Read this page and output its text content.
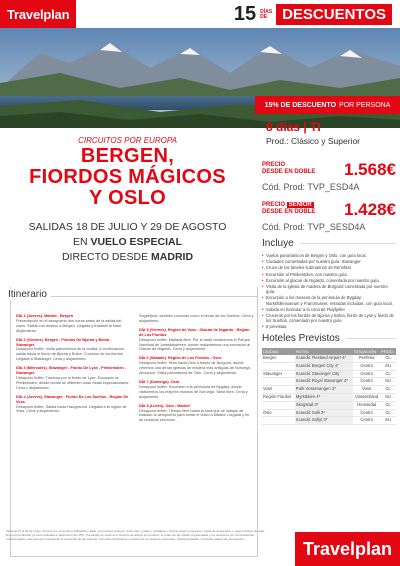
Travelplan	15 DÍAS DE	DESCUENTOS
15% DE DESCUENTO POR PERSONA
CIRCUITOS POR EUROPA
BERGEN,
FIORDOS MÁGICOS
Y OSLO
SALIDAS 18 DE JULIO Y 29 DE AGOSTO
EN VUELO ESPECIAL
DIRECTO DESDE MADRID
8 días | TI
Prod.: Clásico y Superior
PRECIO
DESDE EN DOBLE 1.568€
Cód. Prod: TVP_ESD4A
PRECIO SENIOR
DESDE EN DOBLE 1.428€
Cód. Prod: TVP_SESD4A
Incluye
• Vuelos panorámicos de Bergen y Oslo, con guía local.
• Ciudades comentadas por nuestro guía: Stavanger
• Cruce de los túneles submarinos de Rennfast
• Excursión al Preikestolen, con nuestro guía.
• Excursión al glaciar de Nigardo, comentada por nuestro guía.
• Visita de la iglesia de madera de Borgund comentada por nuestro guía.
• Excursión a los museos de la península de Bygdøy: Norksfolkmuseum y Frammuseet, entradas incluidas, con guía local.
• Subida en funicular a la cima de Fløyfjellet
• Cruceros por los fiordos de Bjorna y Bolna, fiordo de Lyse y fiordo de los Sueños, comentado por nuestro guía
• 8 previstas.
Hoteles Previstos
CIUDAD	HOTEL	SITUACIÓN	PROD.
Bergen	Scandic Flesland Airport 4*	Periferia	CL
	Scandic Bergen City 4*	Centro	SU
Stavanger	Scandic Stavanger City	Centro	CL
	Scandic Royal Stavanger 4*	Centro	SU
Voss	Park Vossevangen 3*	Voss	CL
Región Fiordos	Myrkdalen 4*	Vossestrand	SU
	Skogstad 3*	Hemsedal	CL
Oslo	Scandic Solli 3*	Centro	CL
	Scandic Sofiyt 3*	Centro	SU
Itinerario

DÍA 1 (Jueves). Madrid - Bergen
Presentación en el aeropuerto dos horas antes de la salida del vuelo. Salida con destino a Bergen. Llegada y traslado al hotel. Alojamiento.

DÍA 2 (Viernes). Bergen - Fiordos De Bjorna y Bolna - Stavanger.
Desayuno buffet. Visita panorámica de la ciudad. A continuación, salida hacia el fiordo de Bjorna y Bolna. Cruceros de los fiordos. Llegada a Stavanger. Cena y alojamiento.

DÍA 3 (Miércoles). Stavanger - Fiordo De Lyse - Preikestolen - Stavanger.
Desayuno buffet. Travesía por el fiordo de Lyse. Excursión al Preikestolen, desde donde se obtienen unas vistas espectaculares. Cena y alojamiento.

DÍA 4 (Jueves). Stavanger - Fiordo De Los Sueños - Región De Voss.
Desayuno buffet. Salida hacia Haugesund. Llegada a la región de Voss. Cena y alojamiento.

Sognefjord, también conocido como el fiordo de los Sueños. Cena y alojamiento.

DÍA 5 (Viernes). Región de Voss - Glaciar de Nigardo - Región de Los Fiordos.
Desayuno buffet. Mañana libre. Por la tarde visitaremos el Parque Nacional de Jostedalsbreen, donde realizaremos una excursión al Glaciar de Nigardo. Cena y alojamiento.

DÍA 6 (Sábado). Región de Los Fiordos - Oslo.
Desayuno buffet. Ruta hacia Oslo a través de Borgund, donde veremos una de las iglesias de madera más antiguas de Noruega. Almuerzo. Visita panorámica de Oslo. Cena y alojamiento.

DÍA 7 (Domingo). Oslo.
Desayuno buffet. Excursión a la península de Bygdøy, donde visitaremos los mejores museos de Noruega. Tarde libre. Cena y alojamiento.

DÍA 8 (Lunes). Oslo - Madrid
Desayuno buffet. Tiempo libre hasta la hora que se indique de traslado al aeropuerto para tomar el vuelo a Madrid. Llegada y fin de nuestros servicios.

Venta del 5 al 20 de mayo. Precios por persona en habitación doble. Los precios incluyen: avión ida y vuelta + traslados + circuito según programa + tasas de aeropuerto + seguro básico de viaje. El precio publicado ya tiene aplicado el descuento del 15%. Travelplan se reserva el derecho de alterar los horarios, el orden de las visitas programadas y los itinerarios por circunstancias excepcionales, para siempre respetando el contenido de las mismas. Consulte condiciones y precios de los seguros opcionales. Plazas limitadas. Consultar gastos de cancelación.	Travelplan
